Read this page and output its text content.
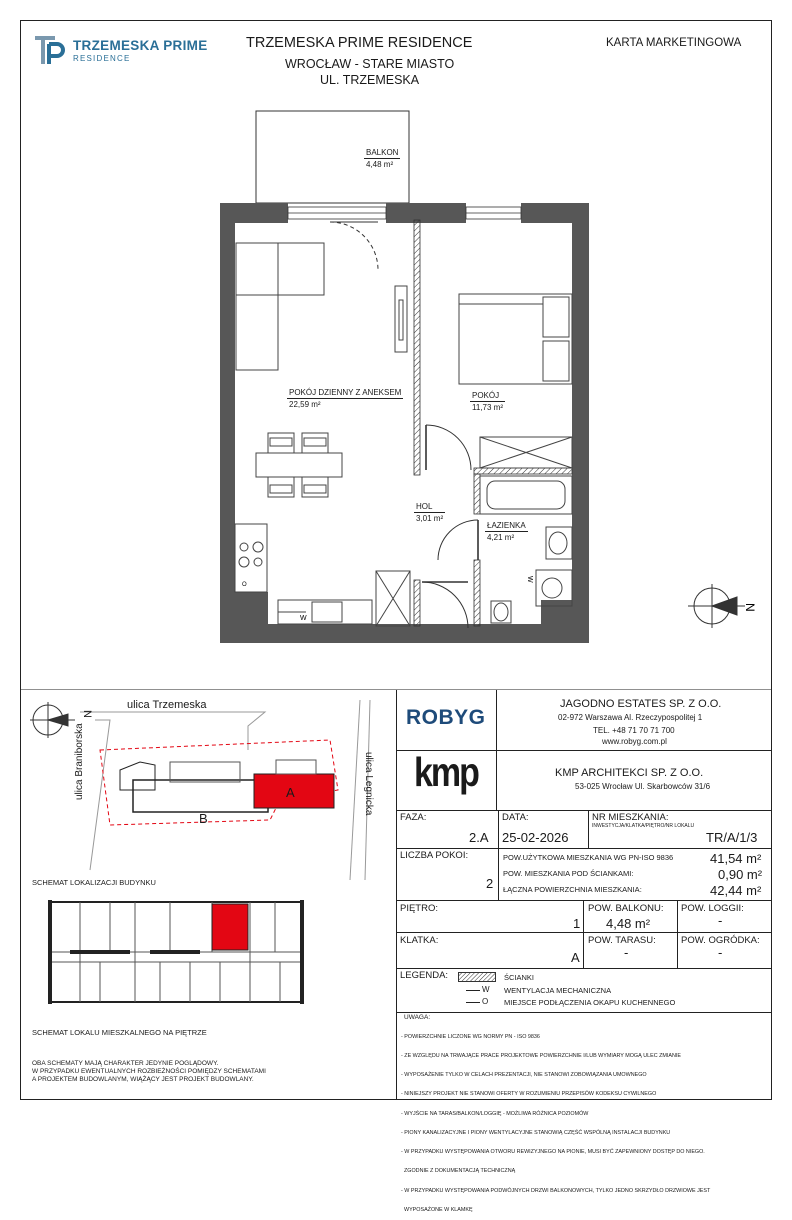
TRZEMESKA PRIME
RESIDENCE
TRZEMESKA PRIME RESIDENCE
WROCŁAW - STARE MIASTO
UL. TRZEMESKA
KARTA MARKETINGOWA
W
O
W
N
BALKON
4,48 m²
POKÓJ DZIENNY Z ANEKSEM
22,59 m²
POKÓJ
11,73 m²
HOL
3,01 m²
ŁAZIENKA
4,21 m²
ulica Trzemeska
ulica Braniborska	ulica Legnicka
B
A
N
SCHEMAT LOKALIZACJI BUDYNKU
SCHEMAT LOKALU MIESZKALNEGO NA PIĘTRZE
OBA SCHEMATY MAJĄ CHARAKTER JEDYNIE POGLĄDOWY.
W PRZYPADKU EWENTUALNYCH ROZBIEŻNOŚCI POMIĘDZY SCHEMATAMI
A PROJEKTEM BUDOWLANYM, WIĄŻĄCY JEST PROJEKT BUDOWLANY.
ROBYG
JAGODNO ESTATES SP. Z O.O.
02-972 Warszawa Al. Rzeczypospolitej 1
TEL. +48 71 70 71 700
www.robyg.com.pl
kmp	KMP ARCHITEKCI SP. Z O.O.
53-025 Wrocław Ul. Skarbowców 31/6
FAZA:
2.A
DATA:
25-02-2026
NR MIESZKANIA:
INWESTYCJA/KLATKA/PIĘTRO/NR LOKALU
TR/A/1/3
LICZBA POKOI:
2
POW.UŻYTKOWA MIESZKANIA WG PN-ISO 9836	41,54 m²
POW. MIESZKANIA POD ŚCIANKAMI:	0,90 m²
ŁĄCZNA POWIERZCHNIA MIESZKANIA:	42,44 m²
PIĘTRO:
1
POW. BALKONU:
4,48 m²
POW. LOGGII:
-
KLATKA:
A
POW. TARASU:
-
POW. OGRÓDKA:
-
LEGENDA:	ŚCIANKI
W WENTYLACJA MECHANICZNA
O MIEJSCE PODŁĄCZENIA OKAPU KUCHENNEGO
UWAGA:

- POWIERZCHNIE LICZONE WG NORMY PN - ISO 9836

- ZE WZGLĘDU NA TRWAJĄCE PRACE PROJEKTOWE POWIERZCHNIE I/LUB WYMIARY MOGĄ ULEC ZMIANIE

- WYPOSAŻENIE TYLKO W CELACH PREZENTACJI, NIE STANOWI ZOBOWIĄZANIA UMOWNEGO

- NINIEJSZY PROJEKT NIE STANOWI OFERTY W ROZUMIENIU PRZEPISÓW KODEKSU CYWILNEGO

- WYJŚCIE NA TARAS/BALKON/LOGGIĘ - MOŻLIWA RÓŻNICA POZIOMÓW

- PIONY KANALIZACYJNE I PIONY WENTYLACYJNE STANOWIĄ CZĘŚĆ WSPÓLNĄ INSTALACJI BUDYNKU

- W PRZYPADKU WYSTĘPOWANIA OTWORU REWIZYJNEGO NA PIONIE, MUSI BYĆ ZAPEWNIONY DOSTĘP DO NIEGO.

ZGODNIE Z DOKUMENTACJĄ TECHNICZNĄ

- W PRZYPADKU WYSTĘPOWANIA PODWÓJNYCH DRZWI BALKONOWYCH, TYLKO JEDNO SKRZYDŁO DRZWIOWE JEST

WYPOSAŻONE W KLAMKĘ
